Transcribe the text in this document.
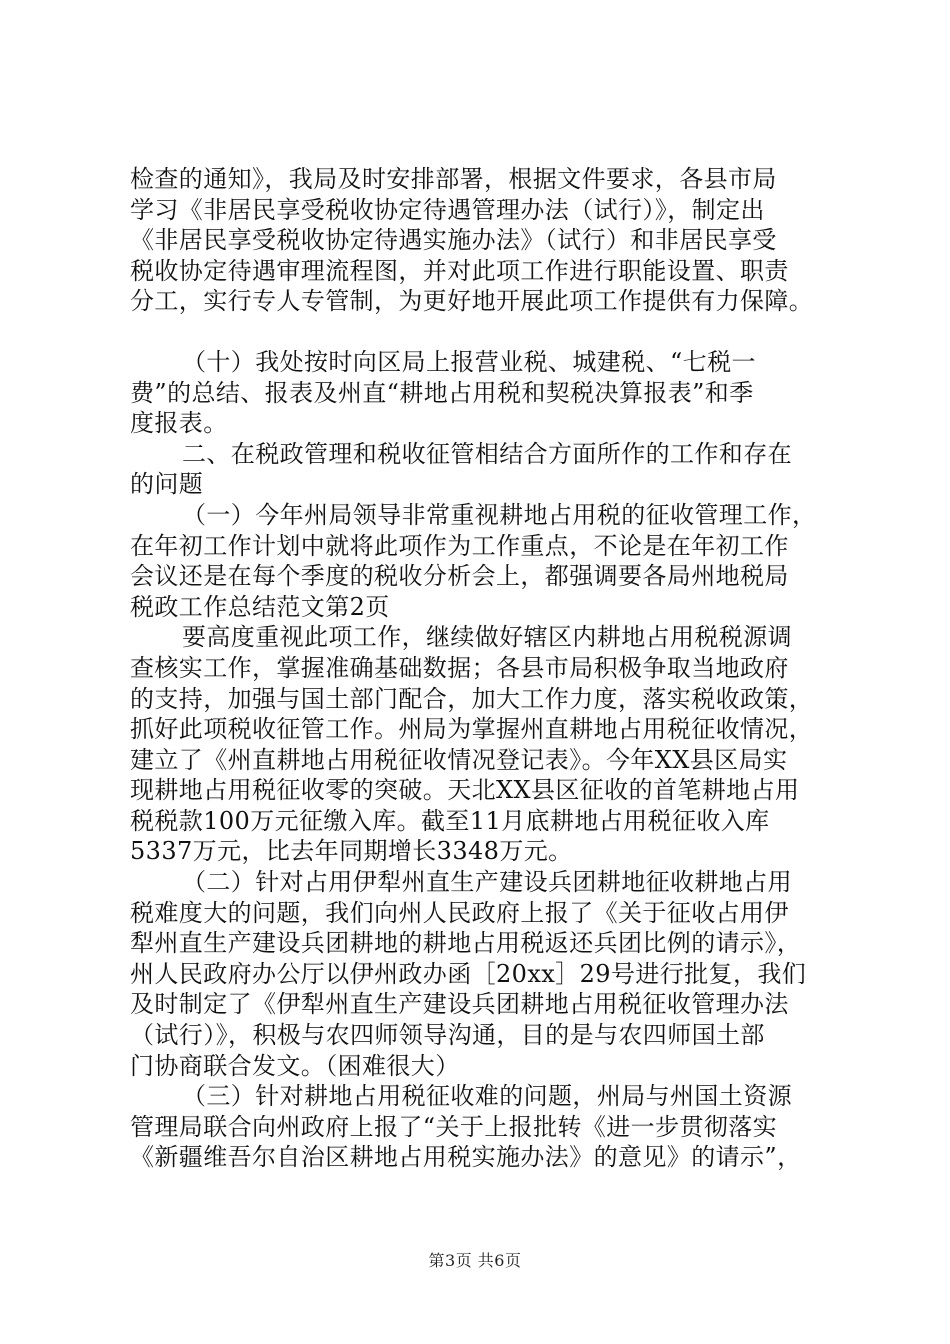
检查的通知》，我局及时安排部署，根据文件要求，各县市局
学习《非居民享受税收协定待遇管理办法（试行）》，制定出
《非居民享受税收协定待遇实施办法》（试行）和非居民享受
税收协定待遇审理流程图，并对此项工作进行职能设置、职责
分工，实行专人专管制，为更好地开展此项工作提供有力保障。
（十）我处按时向区局上报营业税、城建税、“七税一
费”的总结、报表及州直“耕地占用税和契税决算报表”和季
度报表。
二、在税政管理和税收征管相结合方面所作的工作和存在
的问题
（一）今年州局领导非常重视耕地占用税的征收管理工作，
在年初工作计划中就将此项作为工作重点，不论是在年初工作
会议还是在每个季度的税收分析会上，都强调要各局州地税局
税政工作总结范文第2页
要高度重视此项工作，继续做好辖区内耕地占用税税源调
查核实工作，掌握准确基础数据；各县市局积极争取当地政府
的支持，加强与国土部门配合，加大工作力度，落实税收政策，
抓好此项税收征管工作。州局为掌握州直耕地占用税征收情况，
建立了《州直耕地占用税征收情况登记表》。今年XX县区局实
现耕地占用税征收零的突破。天北XX县区征收的首笔耕地占用
税税款100万元征缴入库。截至11月底耕地占用税征收入库
5337万元，比去年同期增长3348万元。
（二）针对占用伊犁州直生产建设兵团耕地征收耕地占用
税难度大的问题，我们向州人民政府上报了《关于征收占用伊
犁州直生产建设兵团耕地的耕地占用税返还兵团比例的请示》，
州人民政府办公厅以伊州政办函［20xx］29号进行批复，我们
及时制定了《伊犁州直生产建设兵团耕地占用税征收管理办法
（试行）》，积极与农四师领导沟通，目的是与农四师国土部
门协商联合发文。（困难很大）
（三）针对耕地占用税征收难的问题，州局与州国土资源
管理局联合向州政府上报了“关于上报批转《进一步贯彻落实
《新疆维吾尔自治区耕地占用税实施办法》的意见》的请示”，
第3页 共6页
